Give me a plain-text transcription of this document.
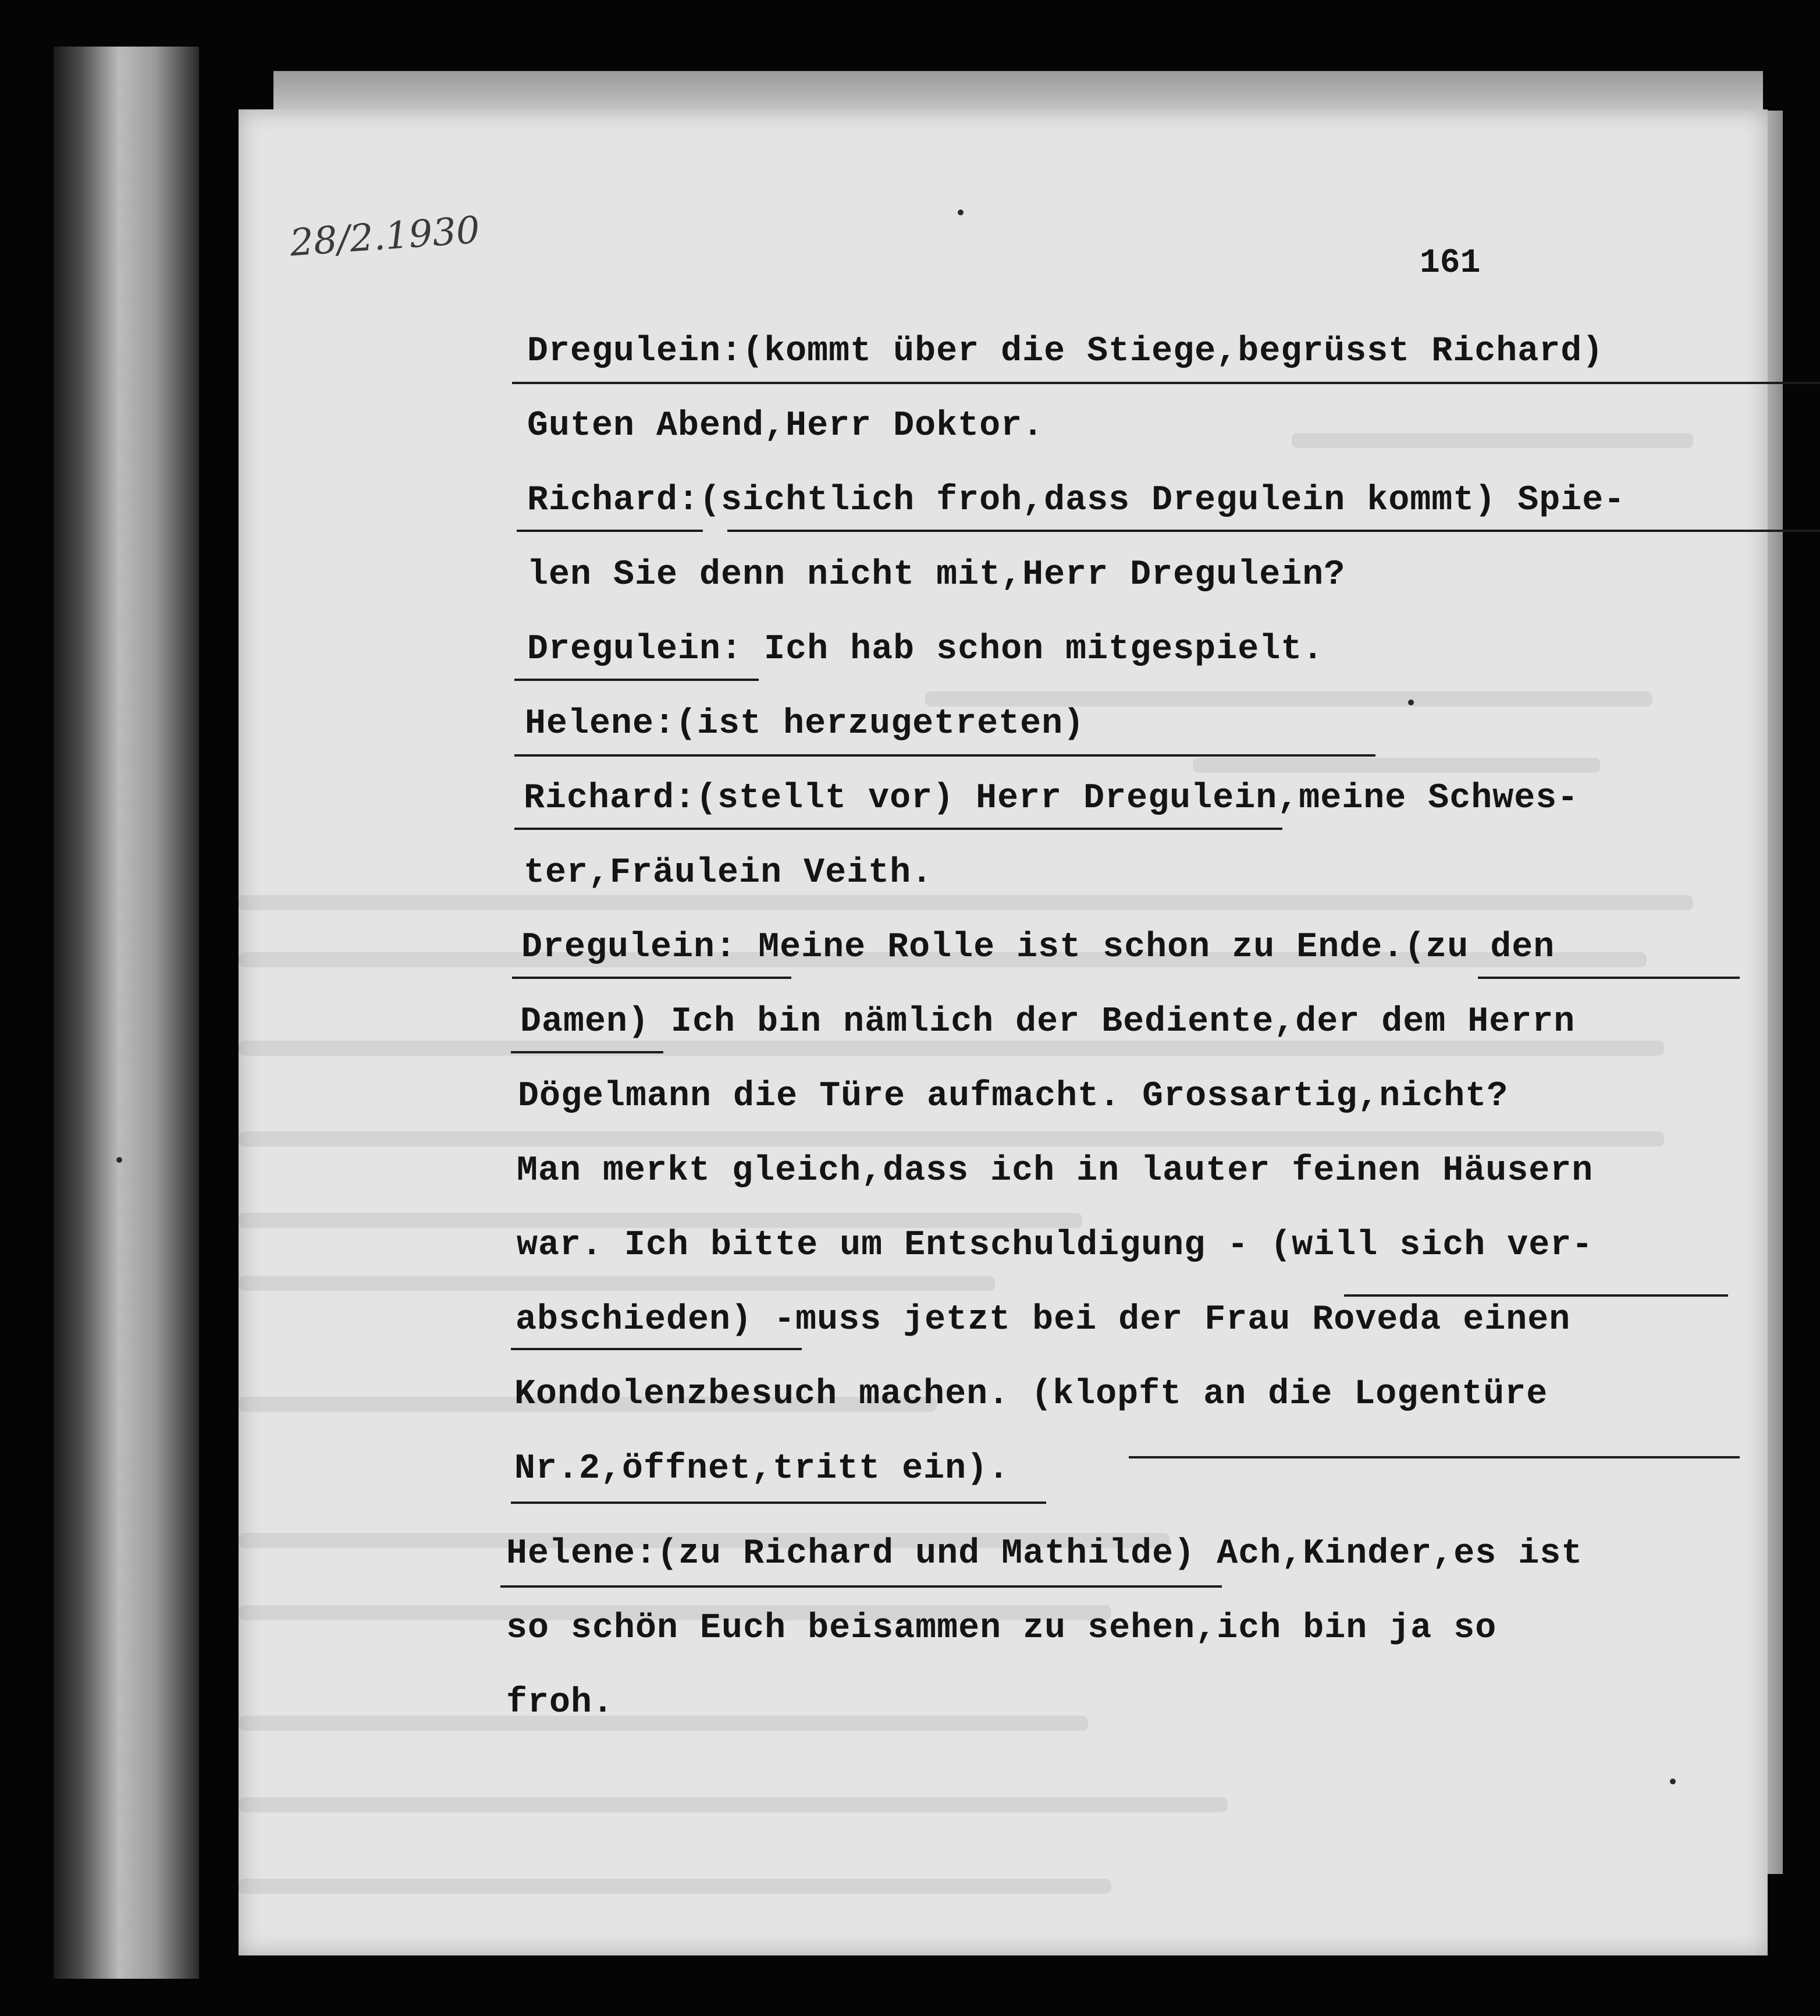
28/2.1930	161
Dregulein:(kommt über die Stiege,begrüsst Richard)
Guten Abend,Herr Doktor.
Richard:(sichtlich froh,dass Dregulein kommt) Spie-
len Sie denn nicht mit,Herr Dregulein?
Dregulein: Ich hab schon mitgespielt.
Helene:(ist herzugetreten)
Richard:(stellt vor) Herr Dregulein,meine Schwes-
ter,Fräulein Veith.
Dregulein: Meine Rolle ist schon zu Ende.(zu den
Damen) Ich bin nämlich der Bediente,der dem Herrn
Dögelmann die Türe aufmacht. Grossartig,nicht?
Man merkt gleich,dass ich in lauter feinen Häusern
war. Ich bitte um Entschuldigung - (will sich ver-
abschieden) -muss jetzt bei der Frau Roveda einen
Kondolenzbesuch machen. (klopft an die Logentüre
Nr.2,öffnet,tritt ein).
Helene:(zu Richard und Mathilde) Ach,Kinder,es ist
so schön Euch beisammen zu sehen,ich bin ja so
froh.
